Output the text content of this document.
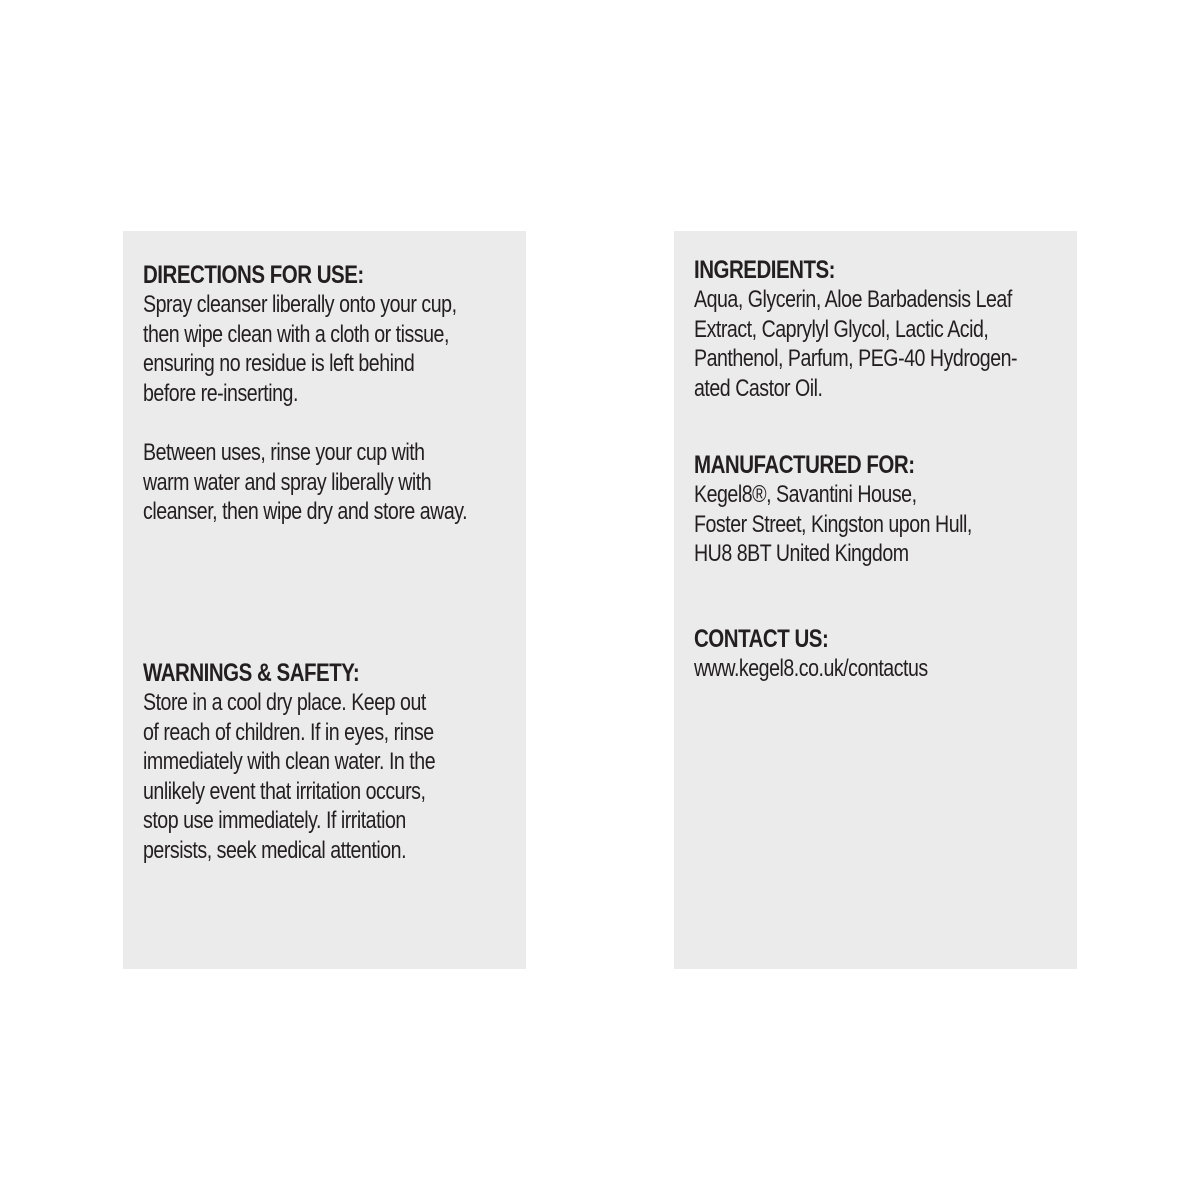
DIRECTIONS FOR USE:
Spray cleanser liberally onto your cup,
then wipe clean with a cloth or tissue,
ensuring no residue is left behind
before re-inserting.
Between uses, rinse your cup with
warm water and spray liberally with
cleanser, then wipe dry and store away.
WARNINGS & SAFETY:
Store in a cool dry place. Keep out
of reach of children. If in eyes, rinse
immediately with clean water. In the
unlikely event that irritation occurs,
stop use immediately. If irritation
persists, seek medical attention.
INGREDIENTS:
Aqua, Glycerin, Aloe Barbadensis Leaf
Extract, Caprylyl Glycol, Lactic Acid,
Panthenol, Parfum, PEG-40 Hydrogen-
ated Castor Oil.
MANUFACTURED FOR:
Kegel8®, Savantini House,
Foster Street, Kingston upon Hull,
HU8 8BT United Kingdom
CONTACT US:
www.kegel8.co.uk/contactus
